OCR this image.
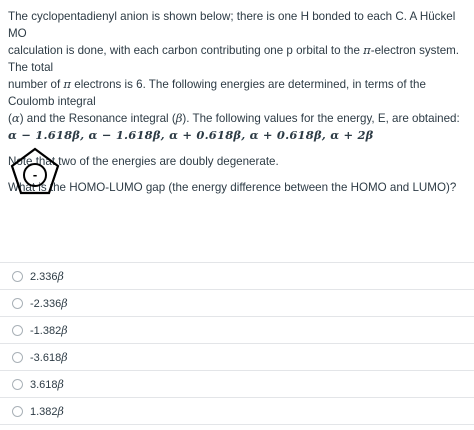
The cyclopentadienyl anion is shown below; there is one H bonded to each C. A Hückel MO

calculation is done, with each carbon contributing one p orbital to the π-electron system. The total

number of π electrons is 6. The following energies are determined, in terms of the Coulomb integral

(α) and the Resonance integral (β). The following values for the energy, E, are obtained:

α − 1.618β, α − 1.618β, α + 0.618β, α + 0.618β, α + 2β

Note that two of the energies are doubly degenerate.

What is the HOMO-LUMO gap (the energy difference between the HOMO and LUMO)?

-
2.336β
-2.336β
-1.382β
-3.618β
3.618β
1.382β
